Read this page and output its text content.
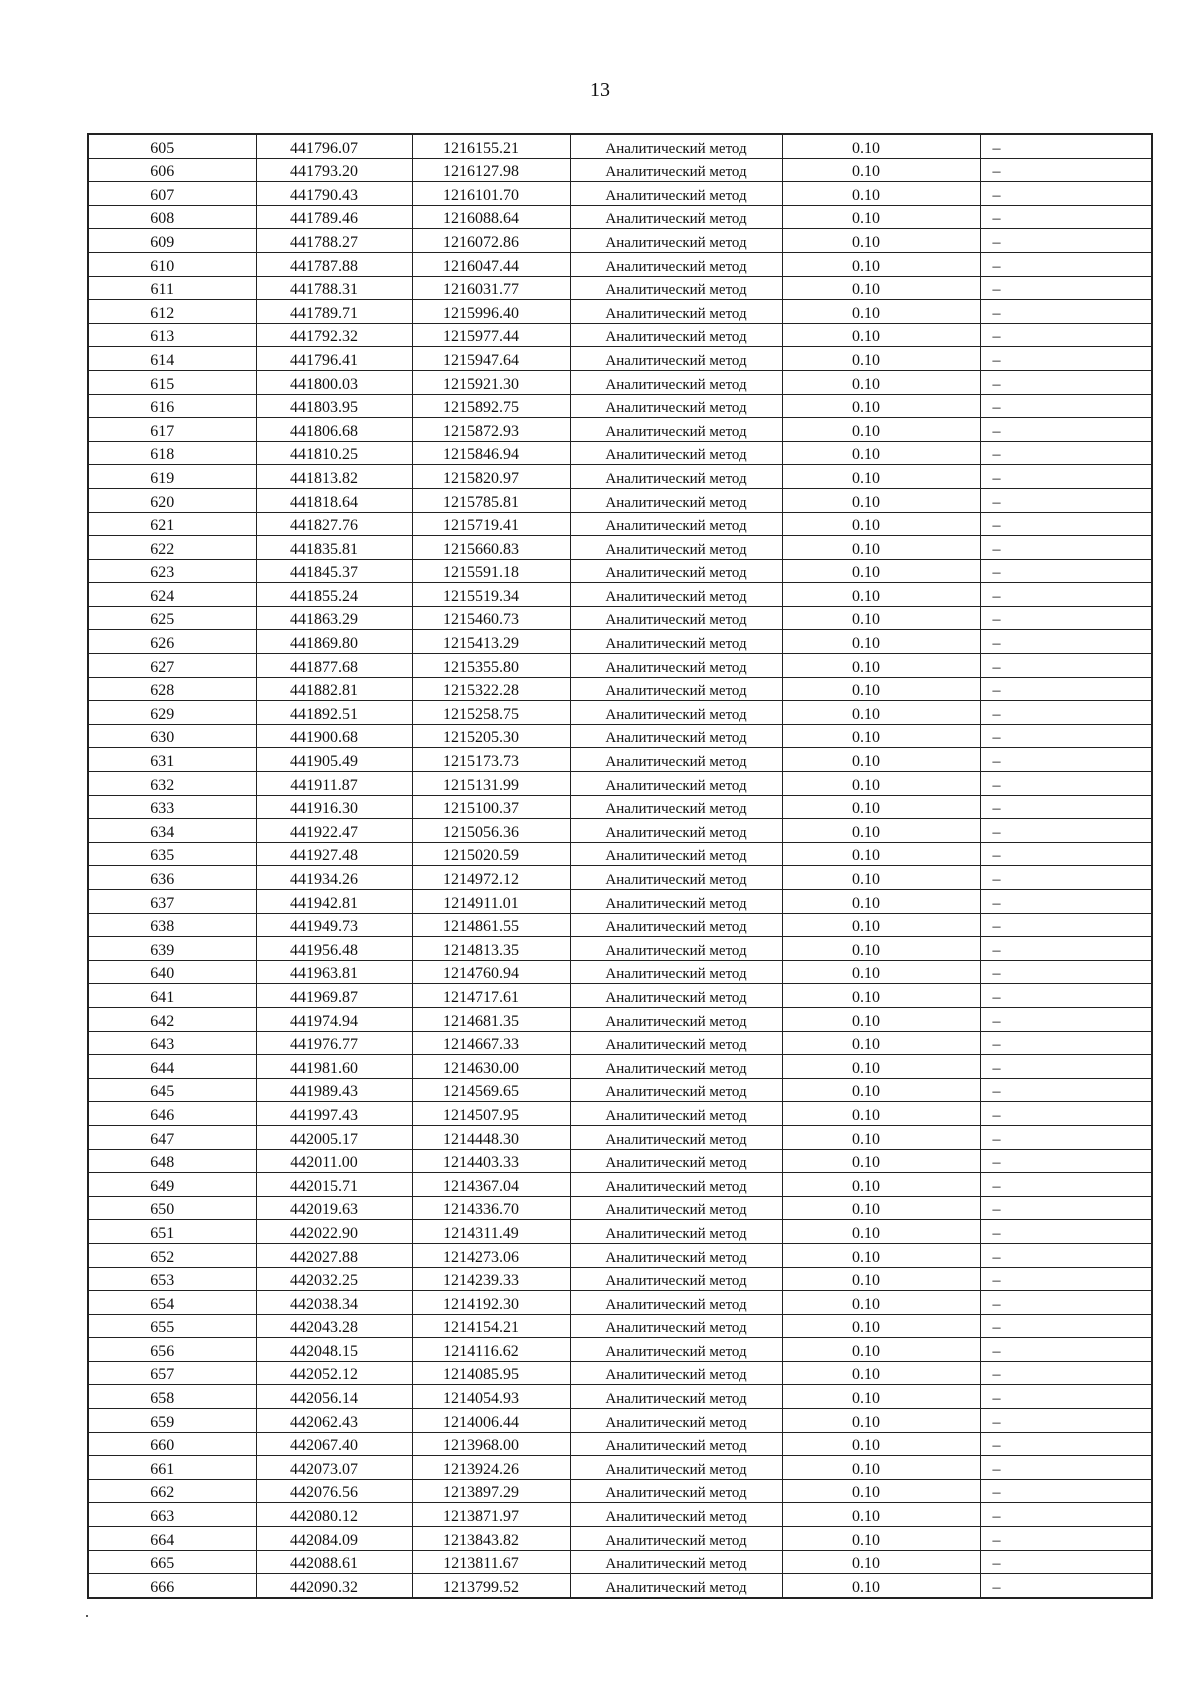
13
605	441796.07	1216155.21	Аналитический метод	0.10	–
606	441793.20	1216127.98	Аналитический метод	0.10	–
607	441790.43	1216101.70	Аналитический метод	0.10	–
608	441789.46	1216088.64	Аналитический метод	0.10	–
609	441788.27	1216072.86	Аналитический метод	0.10	–
610	441787.88	1216047.44	Аналитический метод	0.10	–
611	441788.31	1216031.77	Аналитический метод	0.10	–
612	441789.71	1215996.40	Аналитический метод	0.10	–
613	441792.32	1215977.44	Аналитический метод	0.10	–
614	441796.41	1215947.64	Аналитический метод	0.10	–
615	441800.03	1215921.30	Аналитический метод	0.10	–
616	441803.95	1215892.75	Аналитический метод	0.10	–
617	441806.68	1215872.93	Аналитический метод	0.10	–
618	441810.25	1215846.94	Аналитический метод	0.10	–
619	441813.82	1215820.97	Аналитический метод	0.10	–
620	441818.64	1215785.81	Аналитический метод	0.10	–
621	441827.76	1215719.41	Аналитический метод	0.10	–
622	441835.81	1215660.83	Аналитический метод	0.10	–
623	441845.37	1215591.18	Аналитический метод	0.10	–
624	441855.24	1215519.34	Аналитический метод	0.10	–
625	441863.29	1215460.73	Аналитический метод	0.10	–
626	441869.80	1215413.29	Аналитический метод	0.10	–
627	441877.68	1215355.80	Аналитический метод	0.10	–
628	441882.81	1215322.28	Аналитический метод	0.10	–
629	441892.51	1215258.75	Аналитический метод	0.10	–
630	441900.68	1215205.30	Аналитический метод	0.10	–
631	441905.49	1215173.73	Аналитический метод	0.10	–
632	441911.87	1215131.99	Аналитический метод	0.10	–
633	441916.30	1215100.37	Аналитический метод	0.10	–
634	441922.47	1215056.36	Аналитический метод	0.10	–
635	441927.48	1215020.59	Аналитический метод	0.10	–
636	441934.26	1214972.12	Аналитический метод	0.10	–
637	441942.81	1214911.01	Аналитический метод	0.10	–
638	441949.73	1214861.55	Аналитический метод	0.10	–
639	441956.48	1214813.35	Аналитический метод	0.10	–
640	441963.81	1214760.94	Аналитический метод	0.10	–
641	441969.87	1214717.61	Аналитический метод	0.10	–
642	441974.94	1214681.35	Аналитический метод	0.10	–
643	441976.77	1214667.33	Аналитический метод	0.10	–
644	441981.60	1214630.00	Аналитический метод	0.10	–
645	441989.43	1214569.65	Аналитический метод	0.10	–
646	441997.43	1214507.95	Аналитический метод	0.10	–
647	442005.17	1214448.30	Аналитический метод	0.10	–
648	442011.00	1214403.33	Аналитический метод	0.10	–
649	442015.71	1214367.04	Аналитический метод	0.10	–
650	442019.63	1214336.70	Аналитический метод	0.10	–
651	442022.90	1214311.49	Аналитический метод	0.10	–
652	442027.88	1214273.06	Аналитический метод	0.10	–
653	442032.25	1214239.33	Аналитический метод	0.10	–
654	442038.34	1214192.30	Аналитический метод	0.10	–
655	442043.28	1214154.21	Аналитический метод	0.10	–
656	442048.15	1214116.62	Аналитический метод	0.10	–
657	442052.12	1214085.95	Аналитический метод	0.10	–
658	442056.14	1214054.93	Аналитический метод	0.10	–
659	442062.43	1214006.44	Аналитический метод	0.10	–
660	442067.40	1213968.00	Аналитический метод	0.10	–
661	442073.07	1213924.26	Аналитический метод	0.10	–
662	442076.56	1213897.29	Аналитический метод	0.10	–
663	442080.12	1213871.97	Аналитический метод	0.10	–
664	442084.09	1213843.82	Аналитический метод	0.10	–
665	442088.61	1213811.67	Аналитический метод	0.10	–
666	442090.32	1213799.52	Аналитический метод	0.10	–
